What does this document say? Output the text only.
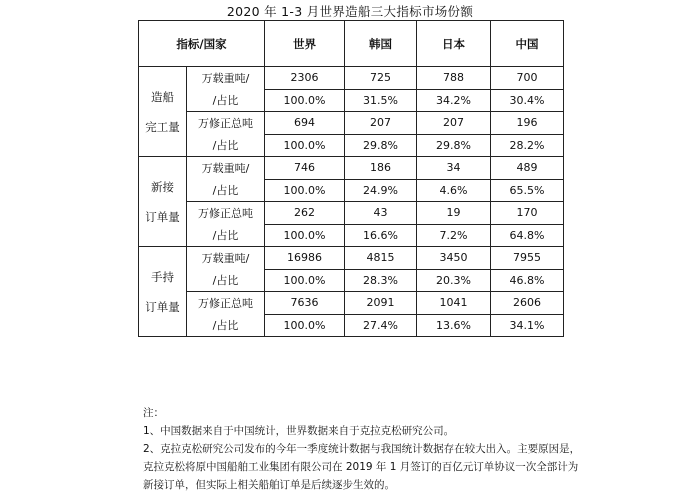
2020 年 1-3 月世界造船三大指标市场份额
指标/国家		世界	韩国	日本	中国

造船
完工量	万载重吨/	2306	725	788	700
	/占比	100.0%	31.5%	34.2%	30.4%
	万修正总吨	694	207	207	196
	/占比	100.0%	29.8%	29.8%	28.2%

新接
订单量	万载重吨/	746	186	34	489
	/占比	100.0%	24.9%	4.6%	65.5%
	万修正总吨	262	43	19	170
	/占比	100.0%	16.6%	7.2%	64.8%

手持
订单量	万载重吨/	16986	4815	3450	7955
	/占比	100.0%	28.3%	20.3%	46.8%
	万修正总吨	7636	2091	1041	2606
	/占比	100.0%	27.4%	13.6%	34.1%

注：

1、中国数据来自于中国统计，世界数据来自于克拉克松研究公司。

2、克拉克松研究公司发布的今年一季度统计数据与我国统计数据存在较大出入。主要原因是，克拉克松将原中国船舶工业集团有限公司在 2019 年 1 月签订的百亿元订单协议一次全部计为新接订单，但实际上相关船舶订单是后续逐步生效的。
